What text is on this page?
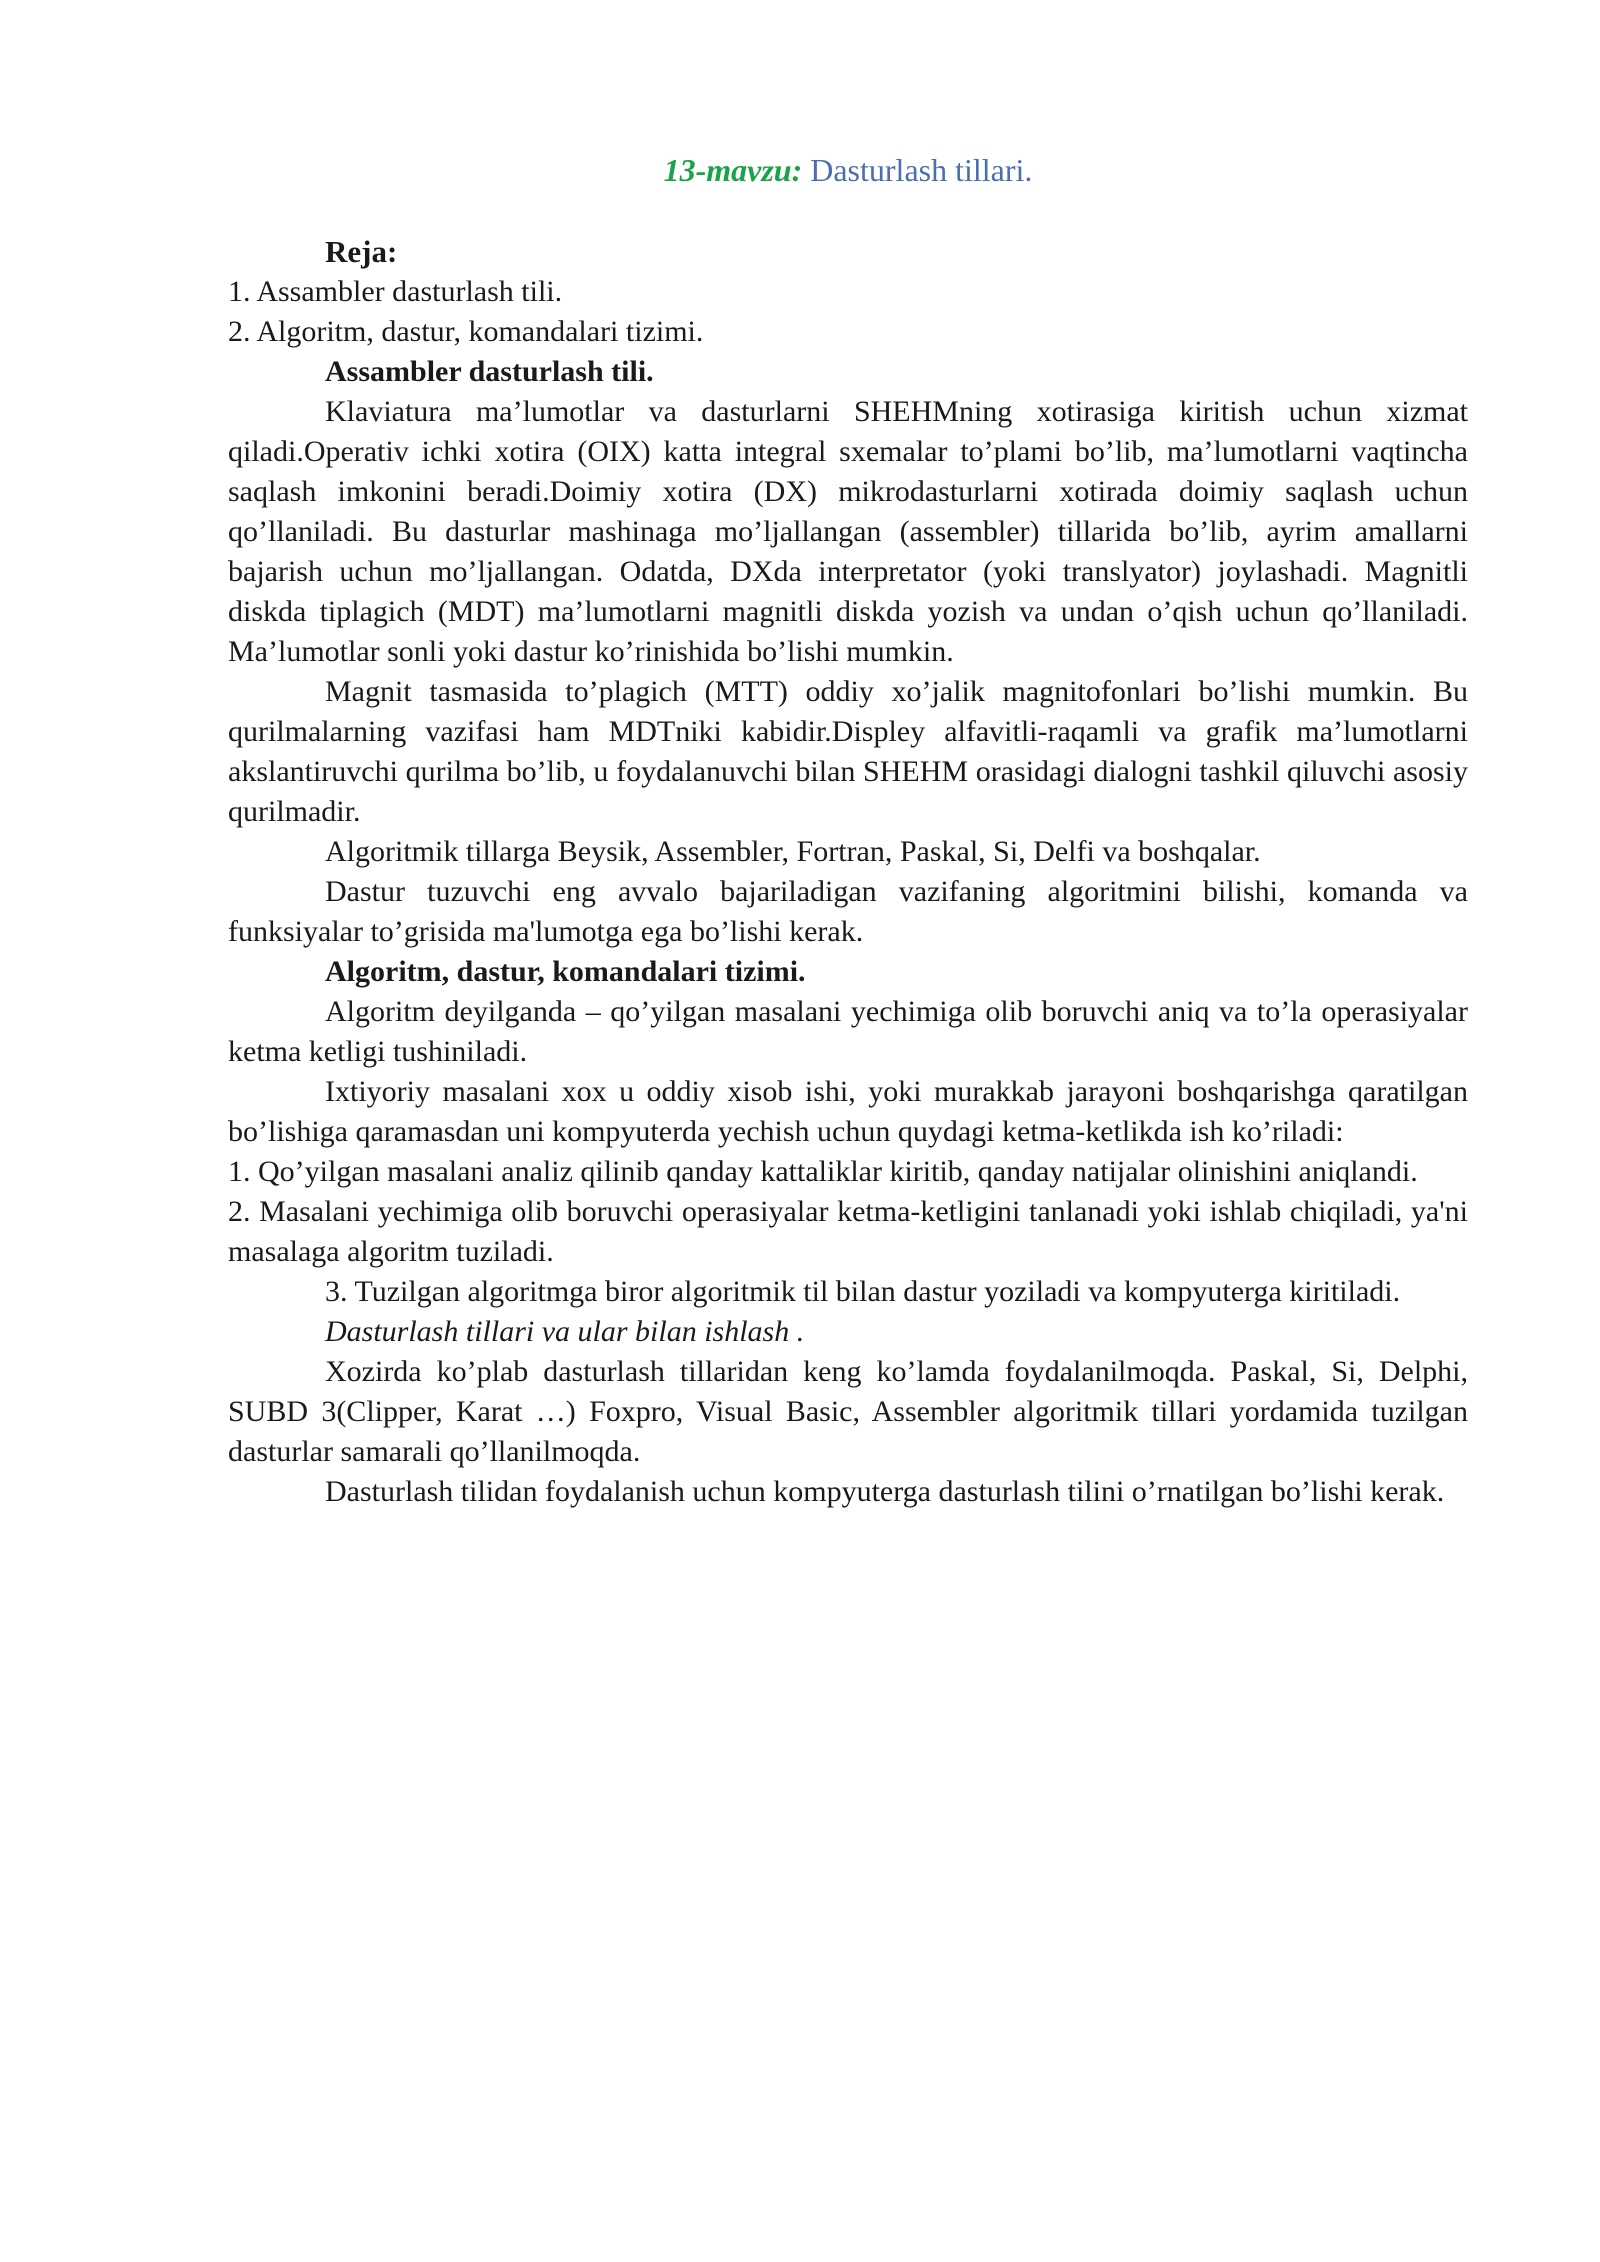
13-mavzu: Dasturlash tillari.

Reja:

1. Assambler dasturlash tili.

2. Algoritm, dastur, komandalari tizimi.

Assambler dasturlash tili.

Klaviatura ma’lumotlar va dasturlarni SHEHMning xotirasiga kiritish uchun xizmat qiladi.Operativ ichki xotira (OIX) katta integral sxemalar to’plami bo’lib, ma’lumotlarni vaqtincha saqlash imkonini beradi.Doimiy xotira (DX) mikrodasturlarni xotirada doimiy saqlash uchun qo’llaniladi. Bu dasturlar mashinaga mo’ljallangan (assembler) tillarida bo’lib, ayrim amallarni bajarish uchun mo’ljallangan. Odatda, DXda interpretator (yoki translyator) joylashadi. Magnitli diskda tiplagich (MDT) ma’lumotlarni magnitli diskda yozish va undan o’qish uchun qo’llaniladi. Ma’lumotlar sonli yoki dastur ko’rinishida bo’lishi mumkin.

Magnit tasmasida to’plagich (MTT) oddiy xo’jalik magnitofonlari bo’lishi mumkin. Bu qurilmalarning vazifasi ham MDTniki kabidir.Displey alfavitli-raqamli va grafik ma’lumotlarni akslantiruvchi qurilma bo’lib, u foydalanuvchi bilan SHEHM orasidagi dialogni tashkil qiluvchi asosiy qurilmadir.

Algoritmik tillarga Beysik, Assembler, Fortran, Paskal, Si, Delfi va boshqalar.

Dastur tuzuvchi eng avvalo bajariladigan vazifaning algoritmini bilishi, komanda va funksiyalar to’grisida ma'lumotga ega bo’lishi kerak.

Algoritm, dastur, komandalari tizimi.

Algoritm deyilganda – qo’yilgan masalani yechimiga olib boruvchi aniq va to’la operasiyalar ketma ketligi tushiniladi.

Ixtiyoriy masalani xox u oddiy xisob ishi, yoki murakkab jarayoni boshqarishga qaratilgan bo’lishiga qaramasdan uni kompyuterda yechish uchun quydagi ketma-ketlikda ish ko’riladi:

1. Qo’yilgan masalani analiz qilinib qanday kattaliklar kiritib, qanday natijalar olinishini aniqlandi.

2. Masalani yechimiga olib boruvchi operasiyalar ketma-ketligini tanlanadi yoki ishlab chiqiladi, ya'ni masalaga algoritm tuziladi.

3. Tuzilgan algoritmga biror algoritmik til bilan dastur yoziladi va kompyuterga kiritiladi.

Dasturlash tillari va ular bilan ishlash .

Xozirda ko’plab dasturlash tillaridan keng ko’lamda foydalanilmoqda. Paskal, Si, Delphi, SUBD 3(Clipper, Karat …) Foxpro, Visual Basic, Assembler algoritmik tillari yordamida tuzilgan dasturlar samarali qo’llanilmoqda.

Dasturlash tilidan foydalanish uchun kompyuterga dasturlash tilini o’rnatilgan bo’lishi kerak.
